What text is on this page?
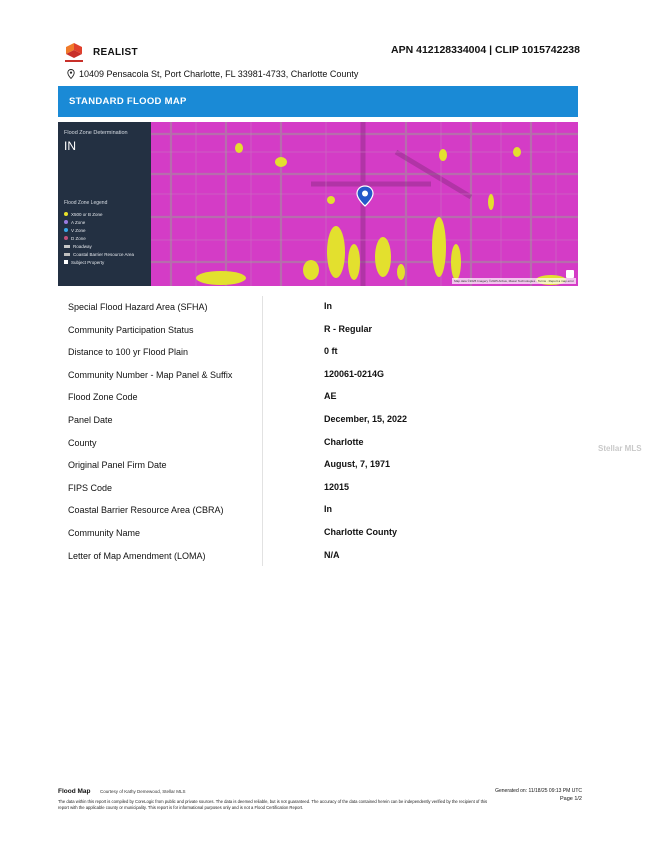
REALIST	APN 412128334004 | CLIP 1015742238
10409 Pensacola St, Port Charlotte, FL 33981-4733, Charlotte County
STANDARD FLOOD MAP
Flood Zone Determination
IN
Flood Zone Legend
X500 or B Zone
A Zone
V Zone
D Zone
Roadway
Coastal Barrier Resource Area
Subject Property
Map data ©2025 Imagery ©2025 Airbus, Maxar Technologies · Terms · Report a map error
Special Flood Hazard Area (SFHA)	In
Community Participation Status	R - Regular
Distance to 100 yr Flood Plain	0 ft
Community Number - Map Panel & Suffix	120061-0214G
Flood Zone Code	AE
Panel Date	December, 15, 2022
County	Charlotte
Original Panel Firm Date	August, 7, 1971
FIPS Code	12015
Coastal Barrier Resource Area (CBRA)	In
Community Name	Charlotte County
Letter of Map Amendment (LOMA)	N/A
Stellar MLS
Flood Map Courtesy of Kathy Demewood, Stellar MLS	Generated on: 11/18/25 09:13 PM UTC
Page 1/2
The data within this report is compiled by CoreLogic from public and private sources. The data is deemed reliable, but is not guaranteed. The accuracy of the data contained herein can be independently verified by the recipient of this report with the applicable county or municipality. This report is for informational purposes only and is not a Flood Certification Report.
